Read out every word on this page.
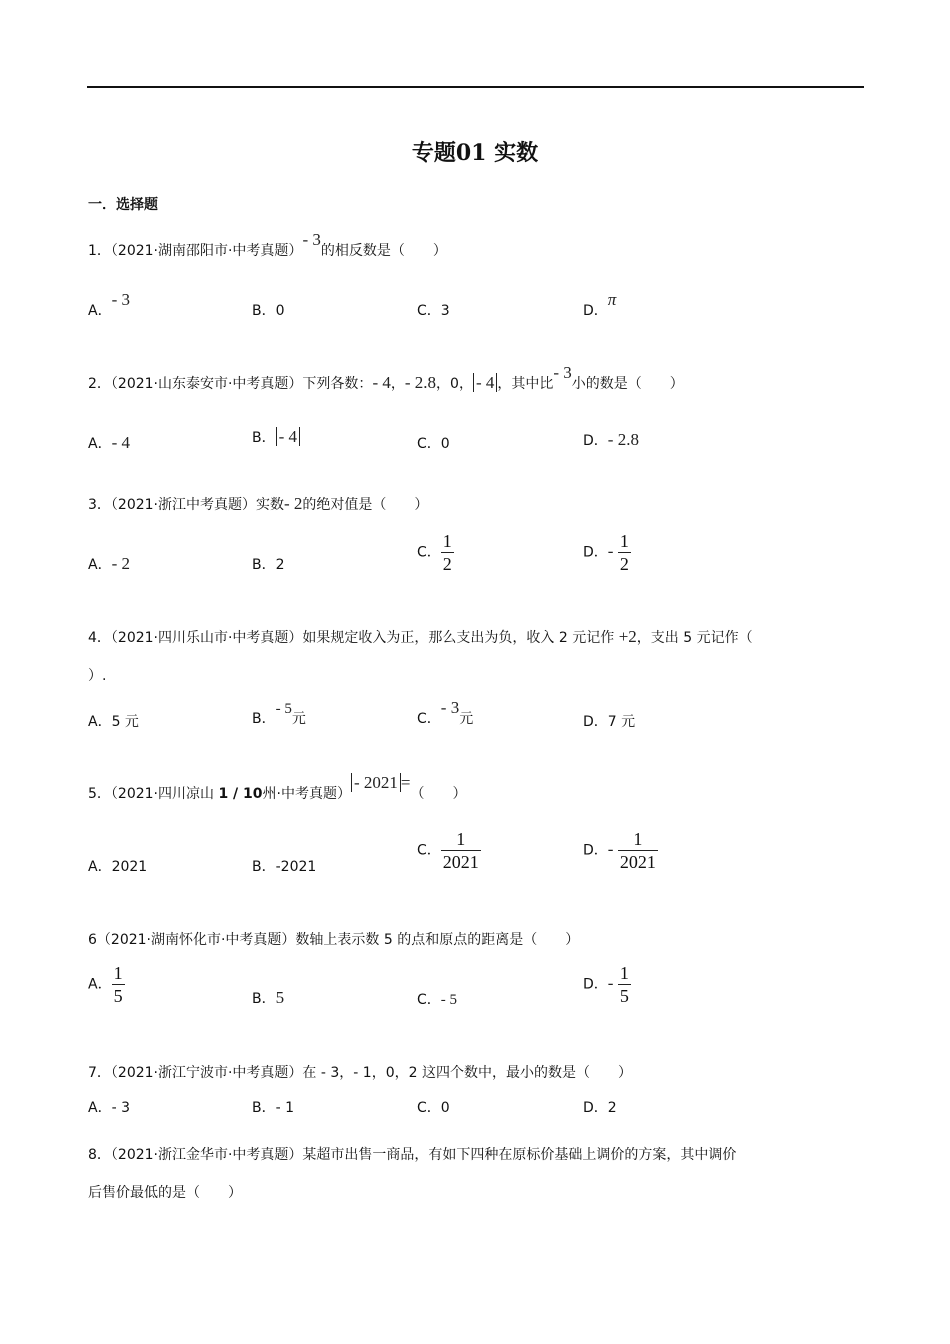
专题01 实数
一．选择题
1．（2021·湖南邵阳市·中考真题）- 3的相反数是（　　）
A．- 3
B．0	C．3	D．π
2．（2021·山东泰安市·中考真题）下列各数：- 4，- 2.8，0， - 4 ，其中比- 3小的数是（　　）
A．- 4	B． - 4	C．0	D．- 2.8
3．（2021·浙江中考真题）实数- 2的绝对值是（　　）
A．- 2	B．2
C． $\frac{1}{2}$	D．- $\frac{1}{2}$
4．（2021·四川乐山市·中考真题）如果规定收入为正，那么支出为负，收入 2 元记作 +2，支出 5 元记作（
）.
A．5 元	B．- 5元	C．- 3元	D．7 元
5．（2021·四川凉山 1 / 10州·中考真题）- 2021 =（　　）
A．2021	B．-2021
C． $\frac{1}{2021}$	D．- $\frac{1}{2021}$
6（2021·湖南怀化市·中考真题）数轴上表示数 5 的点和原点的距离是（　　）
A． $\frac{1}{5}$	B．5	C．- 5
D．- $\frac{1}{5}$
7．（2021·浙江宁波市·中考真题）在 - 3，- 1，0，2 这四个数中，最小的数是（　　）
A．- 3	B．- 1	C．0	D．2
8．（2021·浙江金华市·中考真题）某超市出售一商品，有如下四种在原标价基础上调价的方案，其中调价
后售价最低的是（　　）
